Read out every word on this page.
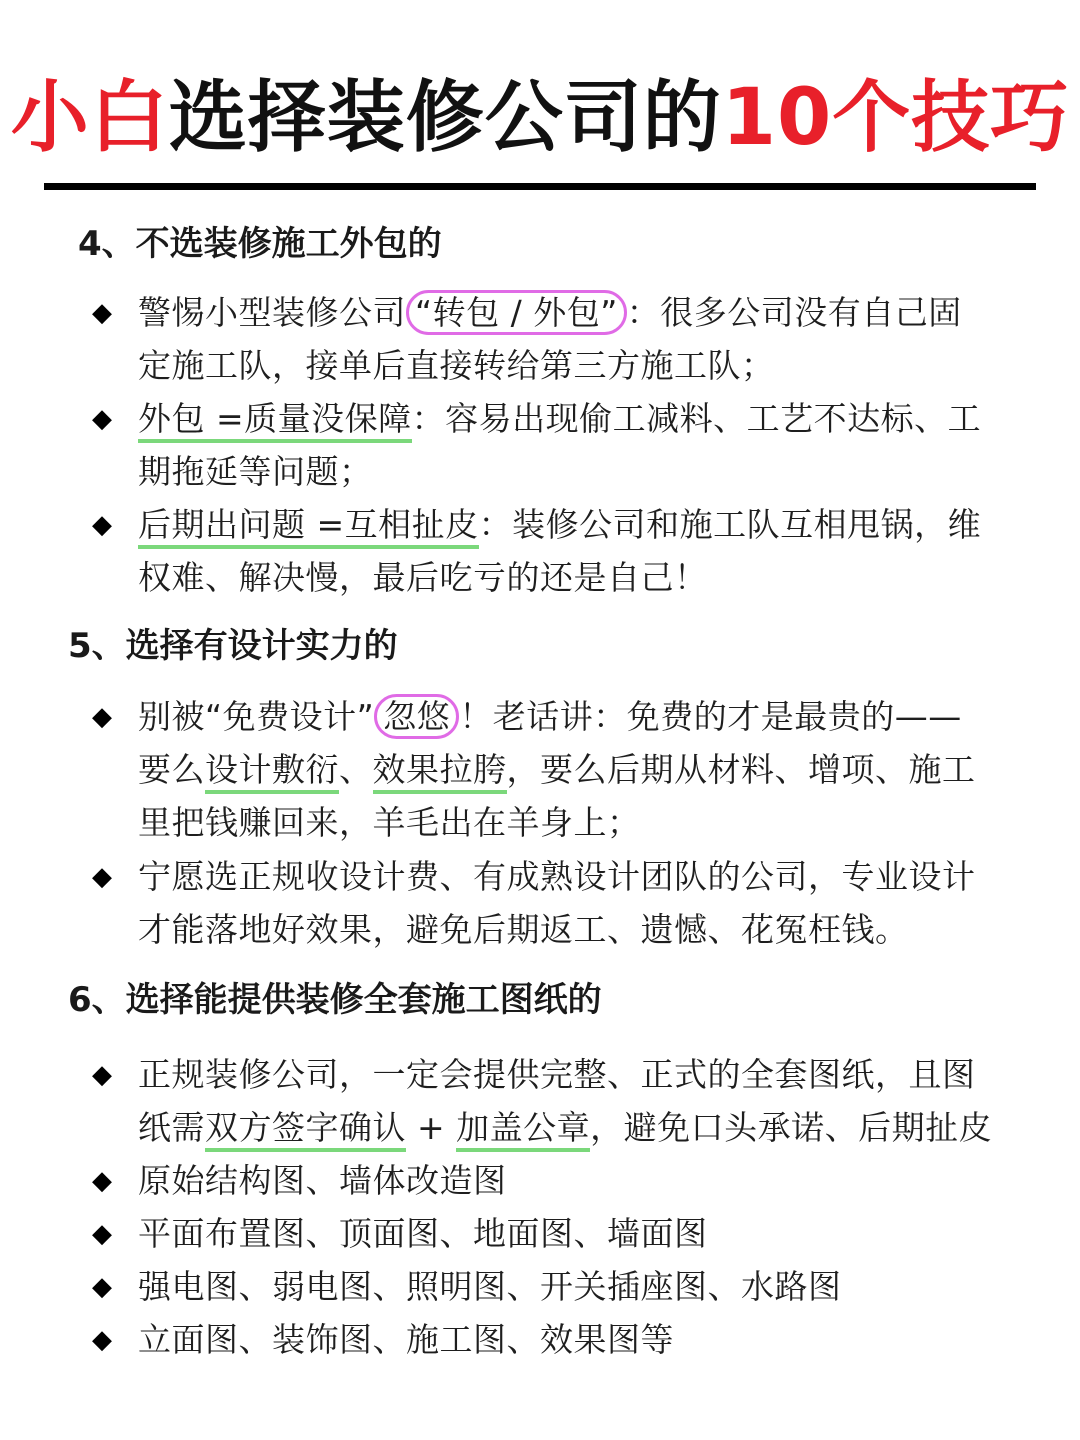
小白选择装修公司的10个技巧
4、不选装修施工外包的
◆ 警惕小型装修公司 “转包 / 外包” ：很多公司没有自己固
定施工队，接单后直接转给第三方施工队；
◆ 外包 =质量没保障：容易出现偷工减料、工艺不达标、工
期拖延等问题；
◆ 后期出问题 =互相扯皮：装修公司和施工队互相甩锅，维
权难、解决慢，最后吃亏的还是自己！
5、选择有设计实力的
◆ 别被“免费设计” 忽悠 ！老话讲：免费的才是最贵的——
要么设计敷衍、效果拉胯，要么后期从材料、增项、施工
里把钱赚回来，羊毛出在羊身上；
◆ 宁愿选正规收设计费、有成熟设计团队的公司，专业设计
才能落地好效果，避免后期返工、遗憾、花冤枉钱。
6、选择能提供装修全套施工图纸的
◆ 正规装修公司，一定会提供完整、正式的全套图纸，且图
纸需双方签字确认 + 加盖公章，避免口头承诺、后期扯皮
◆ 原始结构图、墙体改造图
◆ 平面布置图、顶面图、地面图、墙面图
◆ 强电图、弱电图、照明图、开关插座图、水路图
◆ 立面图、装饰图、施工图、效果图等
